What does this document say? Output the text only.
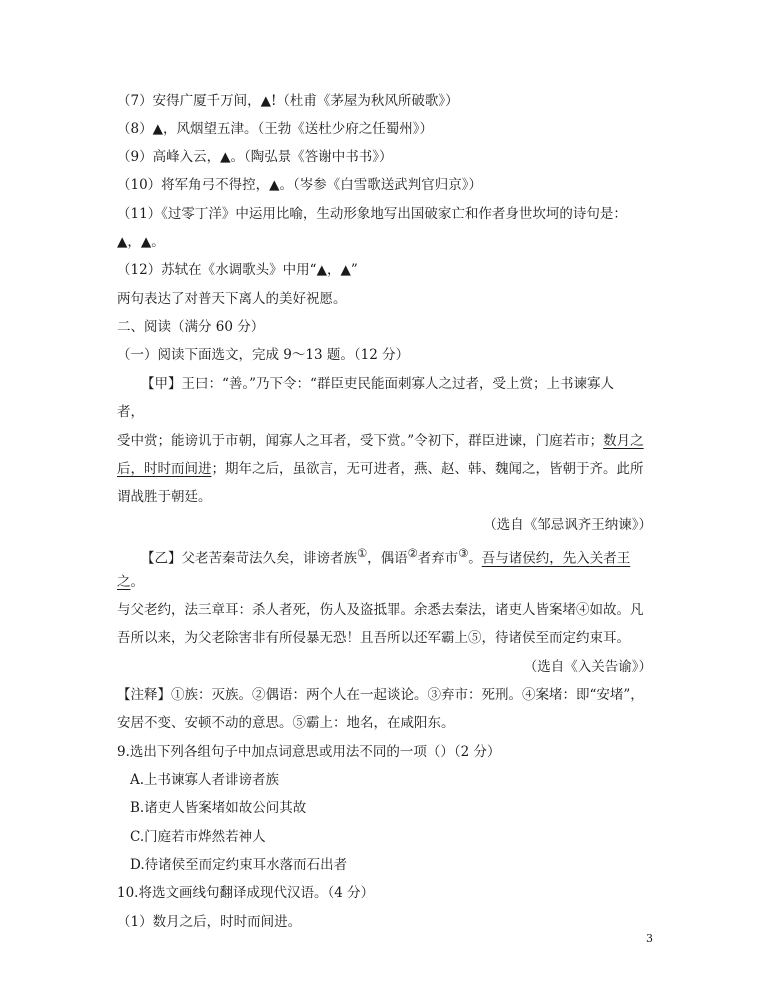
（7）安得广厦千万间，▲!（杜甫《茅屋为秋风所破歌》）
（8）▲，风烟望五津。（王勃《送杜少府之任蜀州》）
（9）高峰入云，▲。（陶弘景《答谢中书书》）
（10）将军角弓不得控，▲。（岑参《白雪歌送武判官归京》）
（11）《过零丁洋》中运用比喻，生动形象地写出国破家亡和作者身世坎坷的诗句是：
▲，▲。
（12）苏轼在《水调歌头》中用“▲，▲”
两句表达了对普天下离人的美好祝愿。
二、阅读（满分 60 分）
（一）阅读下面选文，完成 9～13 题。（12 分）
【甲】王曰：“善。”乃下令：“群臣吏民能面刺寡人之过者，受上赏；上书谏寡人
者，
受中赏；能谤讥于市朝，闻寡人之耳者，受下赏。”令初下，群臣进谏，门庭若市；数月之
后，时时而间进；期年之后，虽欲言，无可进者，燕、赵、韩、魏闻之，皆朝于齐。此所
谓战胜于朝廷。
（选自《邹忌讽齐王纳谏》）
【乙】父老苦秦苛法久矣，诽谤者族①，偶语②者弃市③。吾与诸侯约，先入关者王
之。
与父老约，法三章耳：杀人者死，伤人及盗抵罪。余悉去秦法，诸吏人皆案堵④如故。凡
吾所以来，为父老除害非有所侵暴无恐！且吾所以还军霸上⑤，待诸侯至而定约束耳。
（选自《入关告谕》）
【注释】①族：灭族。②偶语：两个人在一起谈论。③弃市：死刑。④案堵：即“安堵”，
安居不变、安顿不动的意思。⑤霸上：地名，在咸阳东。
9.选出下列各组句子中加点词意思或用法不同的一项（）（2 分）
A.上书谏寡人者诽谤者族
B.诸吏人皆案堵如故公问其故
C.门庭若市烨然若神人
D.待诸侯至而定约束耳水落而石出者
10.将选文画线句翻译成现代汉语。（4 分）
（1）数月之后，时时而间进。
3
